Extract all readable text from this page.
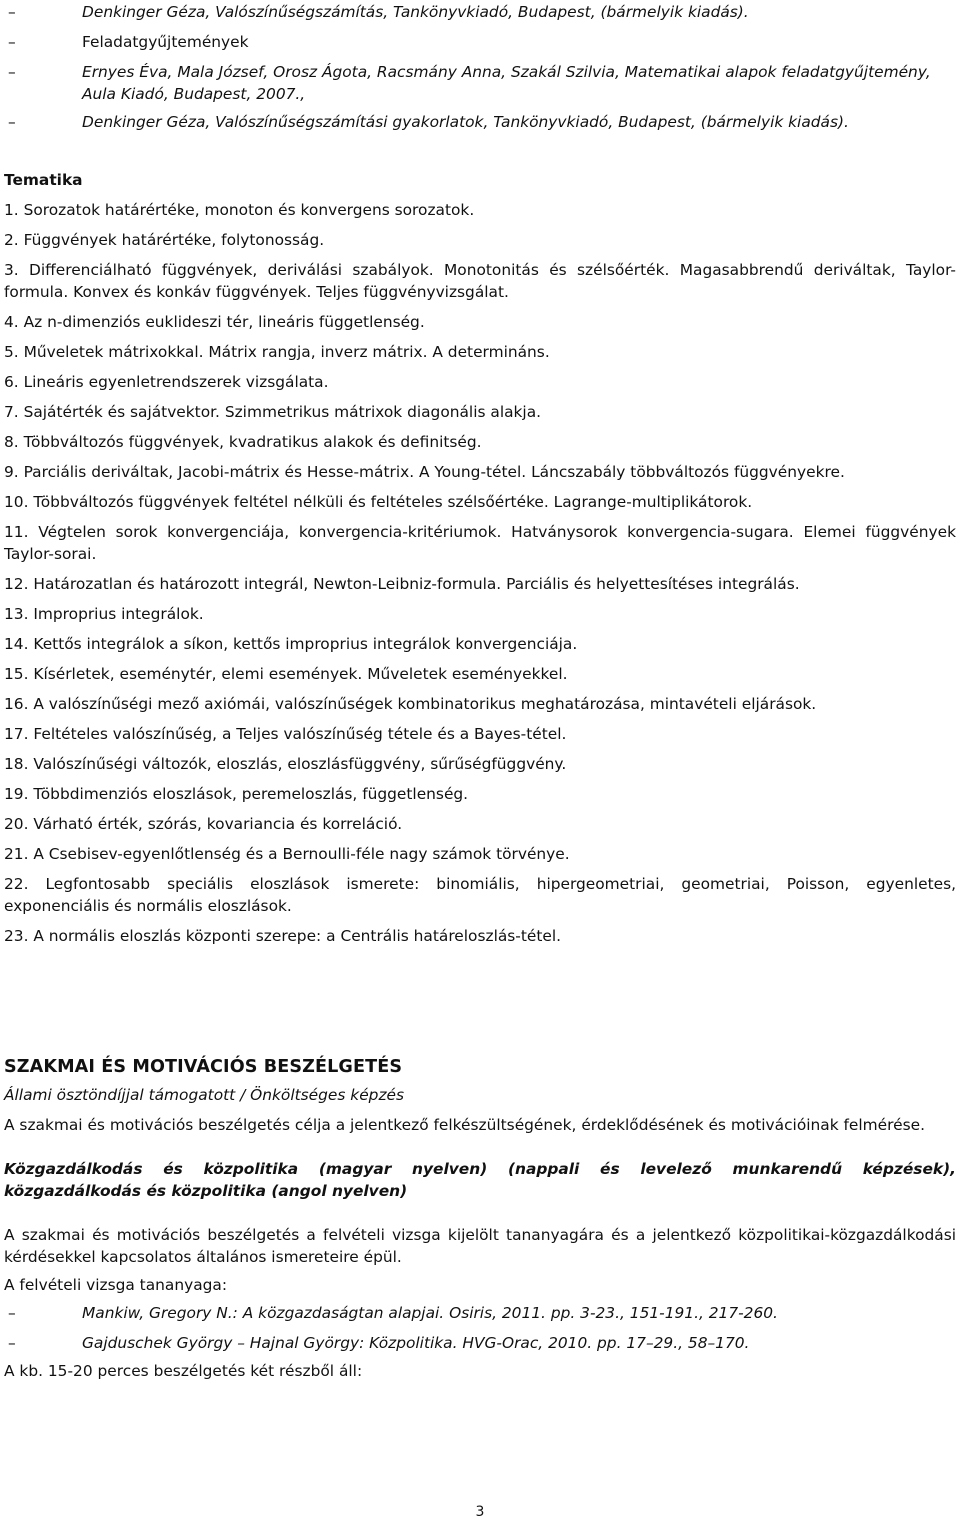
–	Denkinger Géza, Valószínűségszámítás, Tankönyvkiadó, Budapest, (bármelyik kiadás).
–	Feladatgyűjtemények
–	Ernyes Éva, Mala József, Orosz Ágota, Racsmány Anna, Szakál Szilvia, Matematikai alapok feladatgyűjtemény, Aula Kiadó, Budapest, 2007.,
–	Denkinger Géza, Valószínűségszámítási gyakorlatok, Tankönyvkiadó, Budapest, (bármelyik kiadás).
Tematika
1. Sorozatok határértéke, monoton és konvergens sorozatok.
2. Függvények határértéke, folytonosság.
3. Differenciálható függvények, deriválási szabályok. Monotonitás és szélsőérték. Magasabbrendű deriváltak, Taylor-formula. Konvex és konkáv függvények. Teljes függvényvizsgálat.
4. Az n-dimenziós euklideszi tér, lineáris függetlenség.
5. Műveletek mátrixokkal. Mátrix rangja, inverz mátrix. A determináns.
6. Lineáris egyenletrendszerek vizsgálata.
7. Sajátérték és sajátvektor. Szimmetrikus mátrixok diagonális alakja.
8. Többváltozós függvények, kvadratikus alakok és definitség.
9. Parciális deriváltak, Jacobi-mátrix és Hesse-mátrix. A Young-tétel. Láncszabály többváltozós függvényekre.
10. Többváltozós függvények feltétel nélküli és feltételes szélsőértéke. Lagrange-multiplikátorok.
11. Végtelen sorok konvergenciája, konvergencia-kritériumok. Hatványsorok konvergencia-sugara. Elemei függvények Taylor-sorai.
12. Határozatlan és határozott integrál, Newton-Leibniz-formula. Parciális és helyettesítéses integrálás.
13. Improprius integrálok.
14. Kettős integrálok a síkon, kettős improprius integrálok konvergenciája.
15. Kísérletek, eseménytér, elemi események. Műveletek eseményekkel.
16. A valószínűségi mező axiómái, valószínűségek kombinatorikus meghatározása, mintavételi eljárások.
17. Feltételes valószínűség, a Teljes valószínűség tétele és a Bayes-tétel.
18. Valószínűségi változók, eloszlás, eloszlásfüggvény, sűrűségfüggvény.
19. Többdimenziós eloszlások, peremeloszlás, függetlenség.
20. Várható érték, szórás, kovariancia és korreláció.
21. A Csebisev-egyenlőtlenség és a Bernoulli-féle nagy számok törvénye.
22. Legfontosabb speciális eloszlások ismerete: binomiális, hipergeometriai, geometriai, Poisson, egyenletes, exponenciális és normális eloszlások.
23. A normális eloszlás központi szerepe: a Centrális határeloszlás-tétel.
SZAKMAI ÉS MOTIVÁCIÓS BESZÉLGETÉS
Állami ösztöndíjjal támogatott / Önköltséges képzés

A szakmai és motivációs beszélgetés célja a jelentkező felkészültségének, érdeklődésének és motivációinak felmérése.

Közgazdálkodás és közpolitika (magyar nyelven) (nappali és levelező munkarendű képzések), közgazdálkodás és közpolitika (angol nyelven)

A szakmai és motivációs beszélgetés a felvételi vizsga kijelölt tananyagára és a jelentkező közpolitikai-közgazdálkodási kérdésekkel kapcsolatos általános ismereteire épül.

A felvételi vizsga tananyaga:

–	Mankiw, Gregory N.: A közgazdaságtan alapjai. Osiris, 2011. pp. 3-23., 151-191., 217-260.
–	Gajduschek György – Hajnal György: Közpolitika. HVG-Orac, 2010. pp. 17–29., 58–170.

A kb. 15-20 perces beszélgetés két részből áll:

3
